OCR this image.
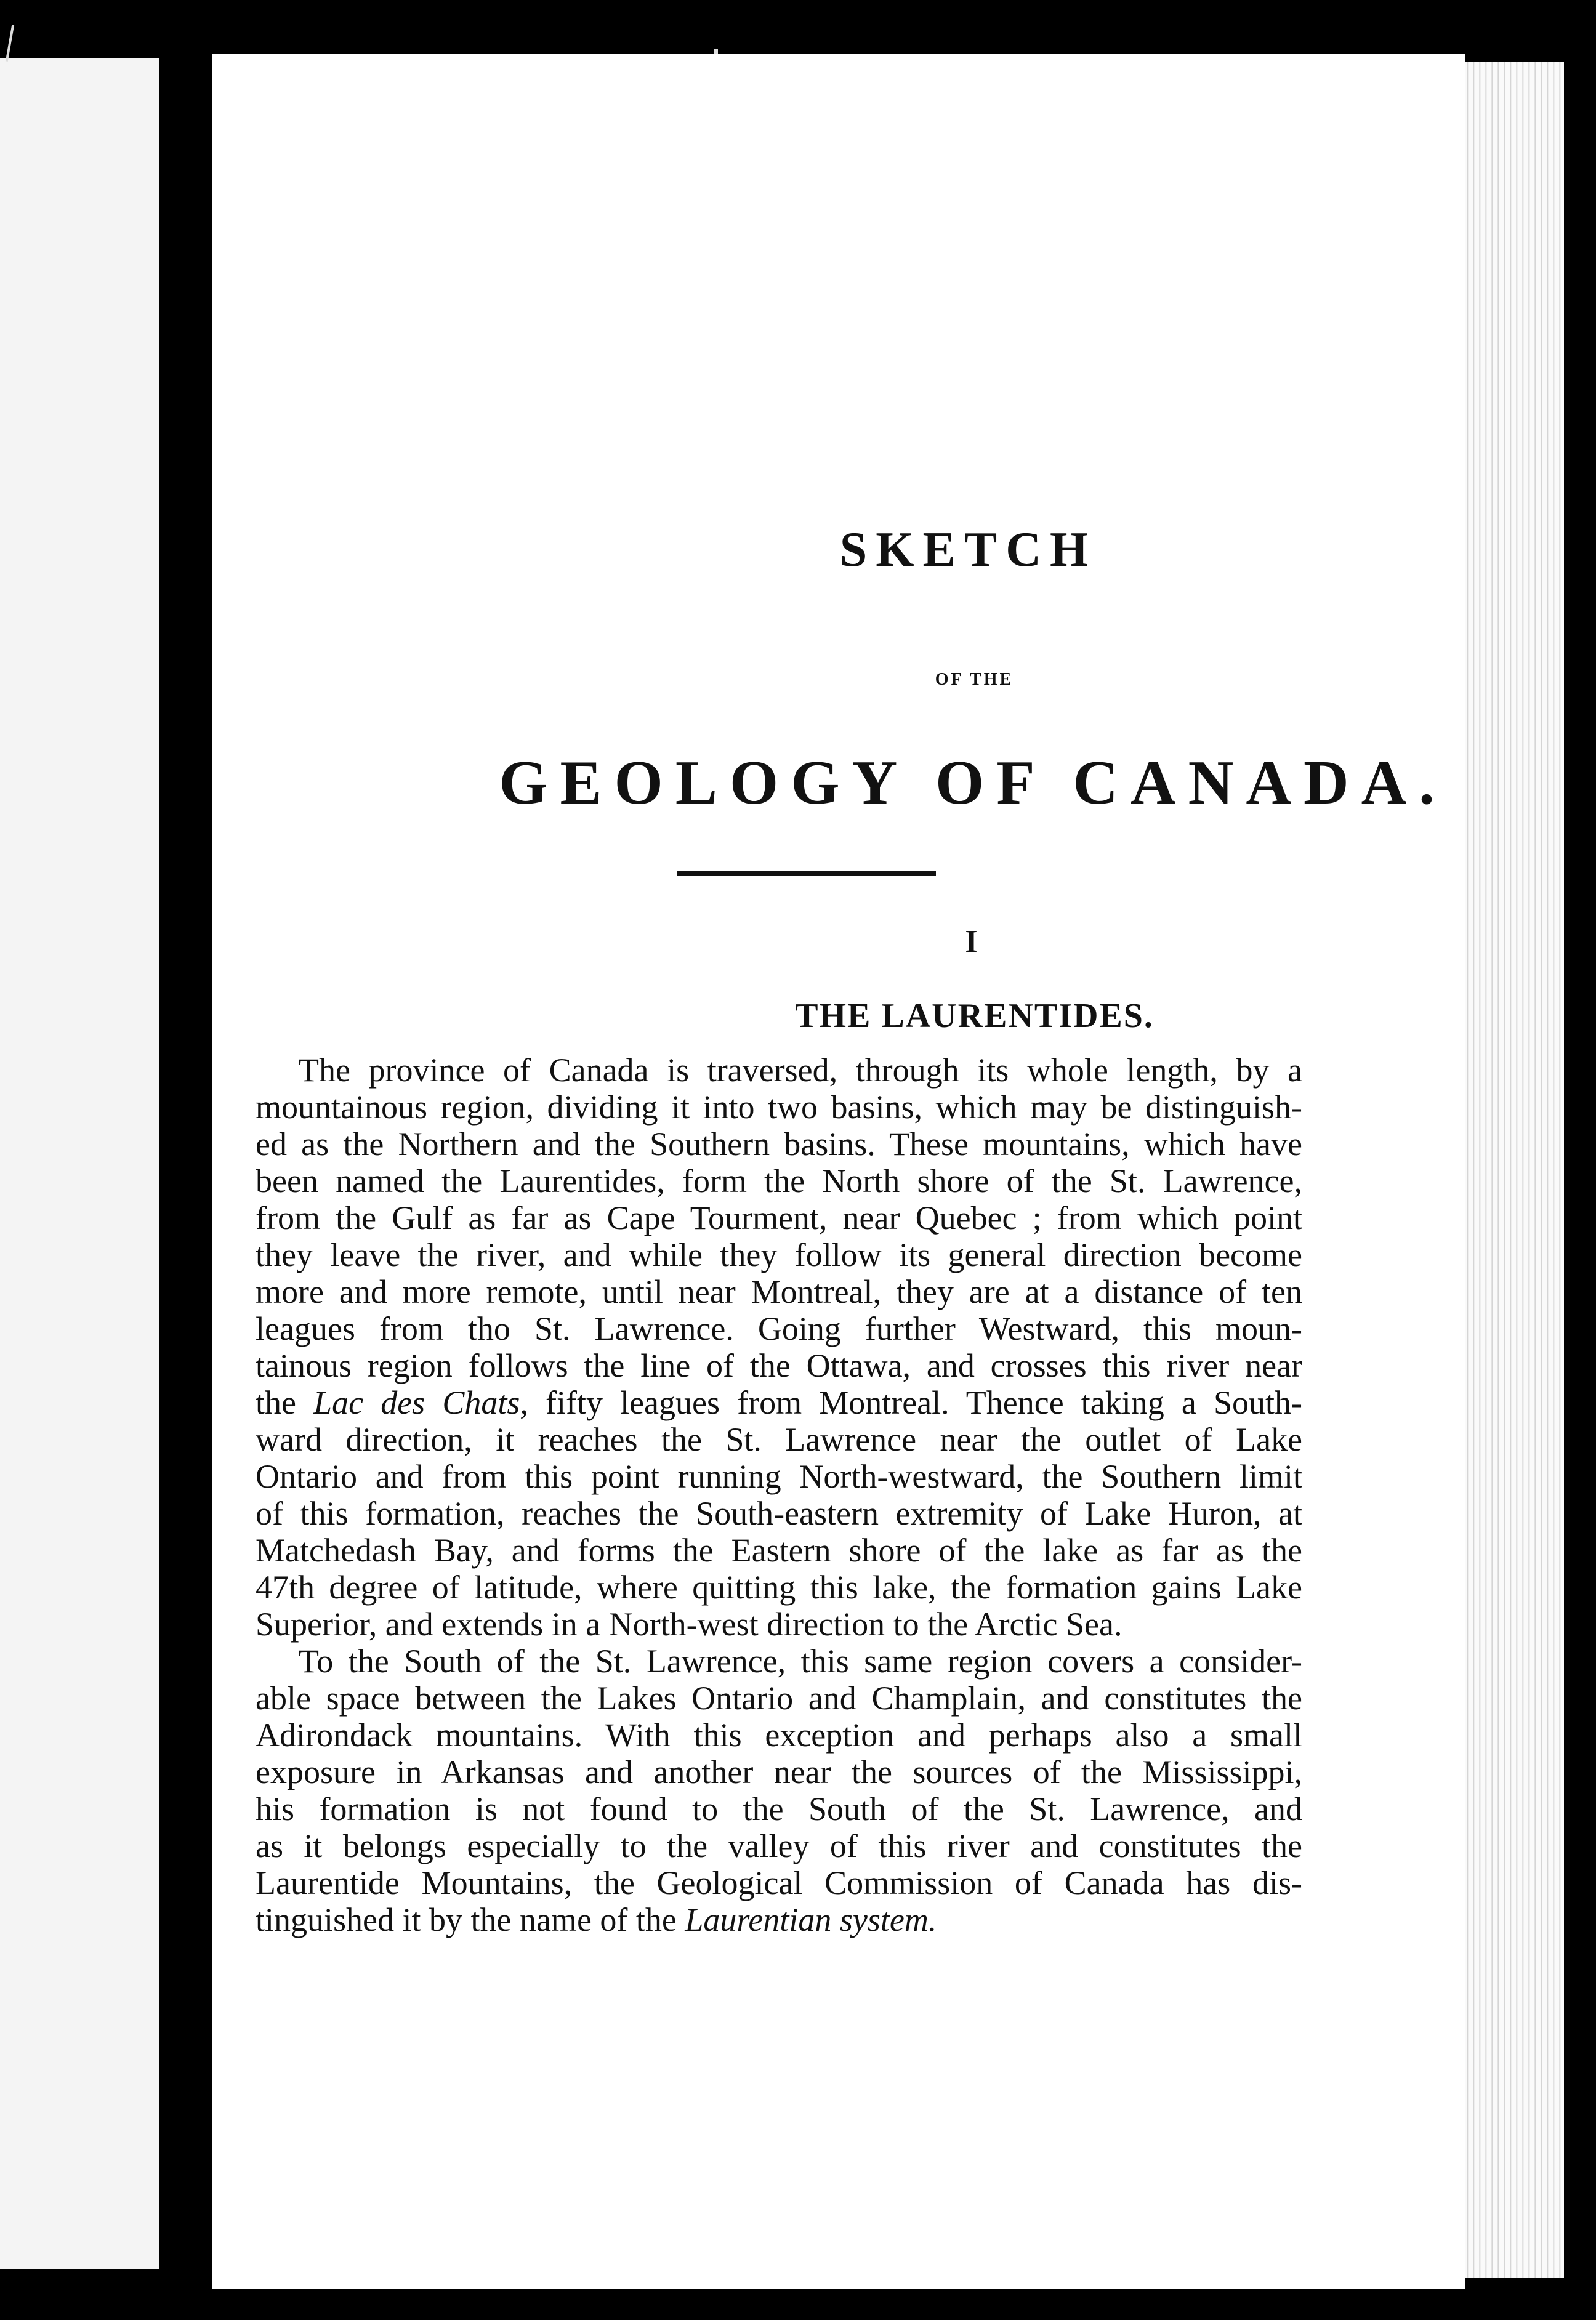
SKETCH
OF THE
GEOLOGY OF CANADA.
I
THE LAURENTIDES.
The province of Canada is traversed, through its whole length, by a
mountainous region, dividing it into two basins, which may be distinguish-
ed as the Northern and the Southern basins. These mountains, which have
been named the Laurentides, form the North shore of the St. Lawrence,
from the Gulf as far as Cape Tourment, near Quebec ; from which point
they leave the river, and while they follow its general direction become
more and more remote, until near Montreal, they are at a distance of ten
leagues from tho St. Lawrence. Going further Westward, this moun-
tainous region follows the line of the Ottawa, and crosses this river near
the Lac des Chats, fifty leagues from Montreal. Thence taking a South-
ward direction, it reaches the St. Lawrence near the outlet of Lake
Ontario and from this point running North-westward, the Southern limit
of this formation, reaches the South-eastern extremity of Lake Huron, at
Matchedash Bay, and forms the Eastern shore of the lake as far as the
47th degree of latitude, where quitting this lake, the formation gains Lake
Superior, and extends in a North-west direction to the Arctic Sea.
To the South of the St. Lawrence, this same region covers a consider-
able space between the Lakes Ontario and Champlain, and constitutes the
Adirondack mountains. With this exception and perhaps also a small
exposure in Arkansas and another near the sources of the Mississippi,
his formation is not found to the South of the St. Lawrence, and
as it belongs especially to the valley of this river and constitutes the
Laurentide Mountains, the Geological Commission of Canada has dis-
tinguished it by the name of the Laurentian system.
